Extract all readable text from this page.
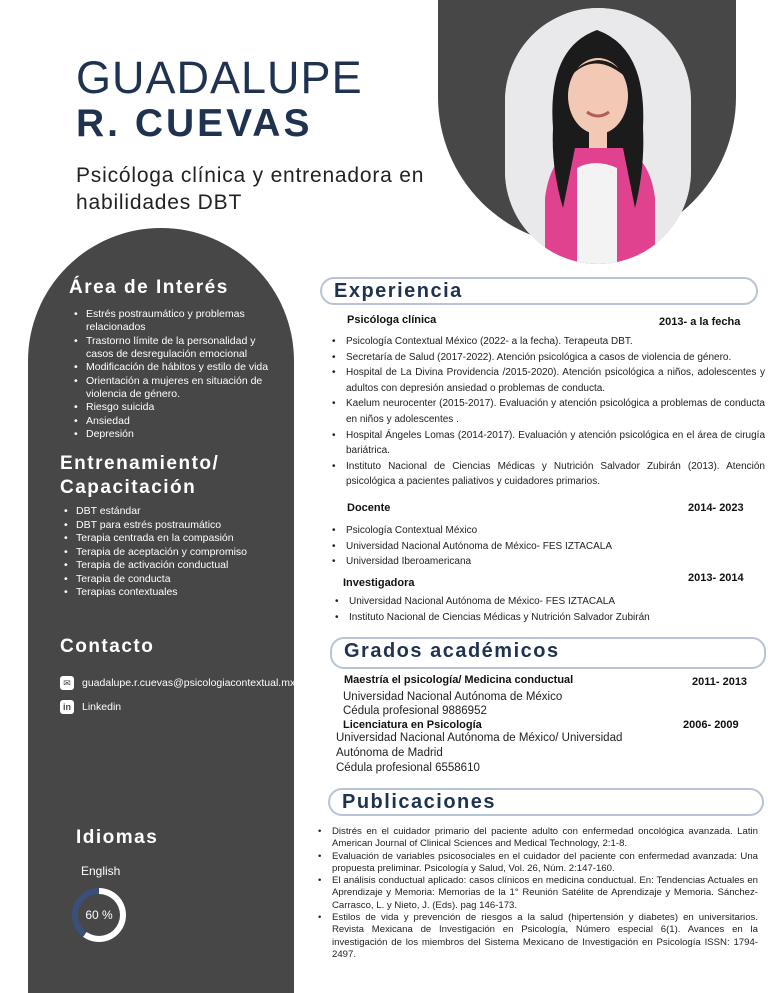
GUADALUPE
R. CUEVAS
Psicóloga clínica y entrenadora en habilidades DBT
Área de Interés
• Estrés postraumático y problemas relacionados
• Trastorno límite de la personalidad y casos de desregulación emocional
• Modificación de hábitos y estilo de vida
• Orientación a mujeres en situación de violencia de género.
• Riesgo suicida
• Ansiedad
• Depresión
Entrenamiento/ Capacitación
• DBT estándar
• DBT para estrés postraumático
• Terapia centrada en la compasión
• Terapia de aceptación y compromiso
• Terapia de activación conductual
• Terapia de conducta
• Terapias contextuales
Contacto
✉	guadalupe.r.cuevas@psicologiacontextual.mx
in Linkedin
Idiomas
English
60 %
Experiencia
Psicóloga clínica	2013- a la fecha
• Psicología Contextual México (2022- a la fecha). Terapeuta DBT.
• Secretaría de Salud (2017-2022). Atención psicológica a casos de violencia de género.
• Hospital de La Divina Providencia /2015-2020). Atención psicológica a niños, adolescentes y adultos con depresión ansiedad o problemas de conducta.
• Kaelum neurocenter (2015-2017). Evaluación y atención psicológica a problemas de conducta en niños y adolescentes .
• Hospital Ángeles Lomas (2014-2017). Evaluación y atención psicológica en el área de cirugía bariátrica.
• Instituto Nacional de Ciencias Médicas y Nutrición Salvador Zubirán (2013). Atención psicológica a pacientes paliativos y cuidadores primarios.
Docente	2014- 2023
• Psicología Contextual México
• Universidad Nacional Autónoma de México- FES IZTACALA
• Universidad Iberoamericana
Investigadora	2013- 2014
• Universidad Nacional Autónoma de México- FES IZTACALA
• Instituto Nacional de Ciencias Médicas y Nutrición Salvador Zubirán
Grados académicos
Maestría el psicología/ Medicina conductual	2011- 2013
Universidad Nacional Autónoma de México
Cédula profesional 9886952
Licenciatura en Psicología	2006- 2009
Universidad Nacional Autónoma de México/ Universidad Autónoma de Madrid
Cédula profesional 6558610
Publicaciones
• Distrés en el cuidador primario del paciente adulto con enfermedad oncológica avanzada. Latin American Journal of Clinical Sciences and Medical Technology, 2:1-8.
• Evaluación de variables psicosociales en el cuidador del paciente con enfermedad avanzada: Una propuesta preliminar. Psicología y Salud, Vol. 26, Núm. 2:147-160.
• El análisis conductual aplicado: casos clínicos en medicina conductual. En: Tendencias Actuales en Aprendizaje y Memoria: Memorias de la 1° Reunión Satélite de Aprendizaje y Memoria. Sánchez-Carrasco, L. y Nieto, J. (Eds). pag 146-173.
• Estilos de vida y prevención de riesgos a la salud (hipertensión y diabetes) en universitarios. Revista Mexicana de Investigación en Psicología, Número especial 6(1). Avances en la investigación de los miembros del Sistema Mexicano de Investigación en Psicología ISSN: 1794-2497.
